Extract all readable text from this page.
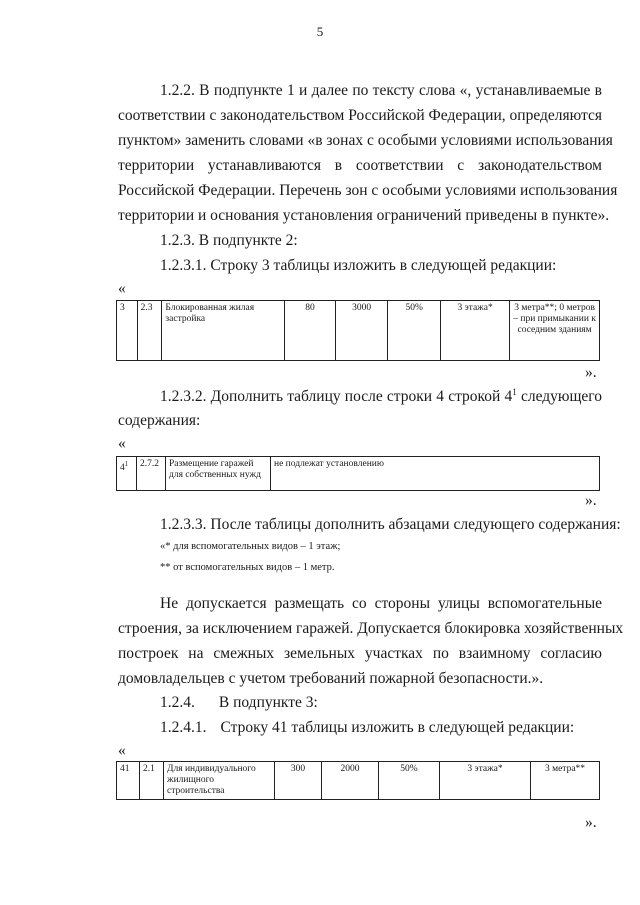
5
1.2.2. В подпункте 1 и далее по тексту слова «, устанавливаемые в
соответствии с законодательством Российской Федерации, определяются
пунктом» заменить словами «в зонах с особыми условиями использования
территории устанавливаются в соответствии с законодательством
Российской Федерации. Перечень зон с особыми условиями использования
территории и основания установления ограничений приведены в пункте».
1.2.3. В подпункте 2:
1.2.3.1. Строку 3 таблицы изложить в следующей редакции:
«
3	2.3	Блокированная жилая застройка	80	3000	50%	3 этажа*	3 метра**; 0 метров – при примыкании к соседним зданиям
».
1.2.3.2. Дополнить таблицу после строки 4 строкой $4^1$ следующего
содержания:
«
$4^1$	2.7.2	Размещение гаражей для собственных нужд	не подлежат установлению
».
1.2.3.3. После таблицы дополнить абзацами следующего содержания:
«* для вспомогательных видов – 1 этаж;
** от вспомогательных видов – 1 метр.
Не допускается размещать со стороны улицы вспомогательные
строения, за исключением гаражей. Допускается блокировка хозяйственных
построек на смежных земельных участках по взаимному согласию
домовладельцев с учетом требований пожарной безопасности.».
1.2.4. В подпункте 3:
1.2.4.1. Строку 41 таблицы изложить в следующей редакции:
«
41	2.1	Для индивидуального жилищного строительства	300	2000	50%	3 этажа*	3 метра**
».
